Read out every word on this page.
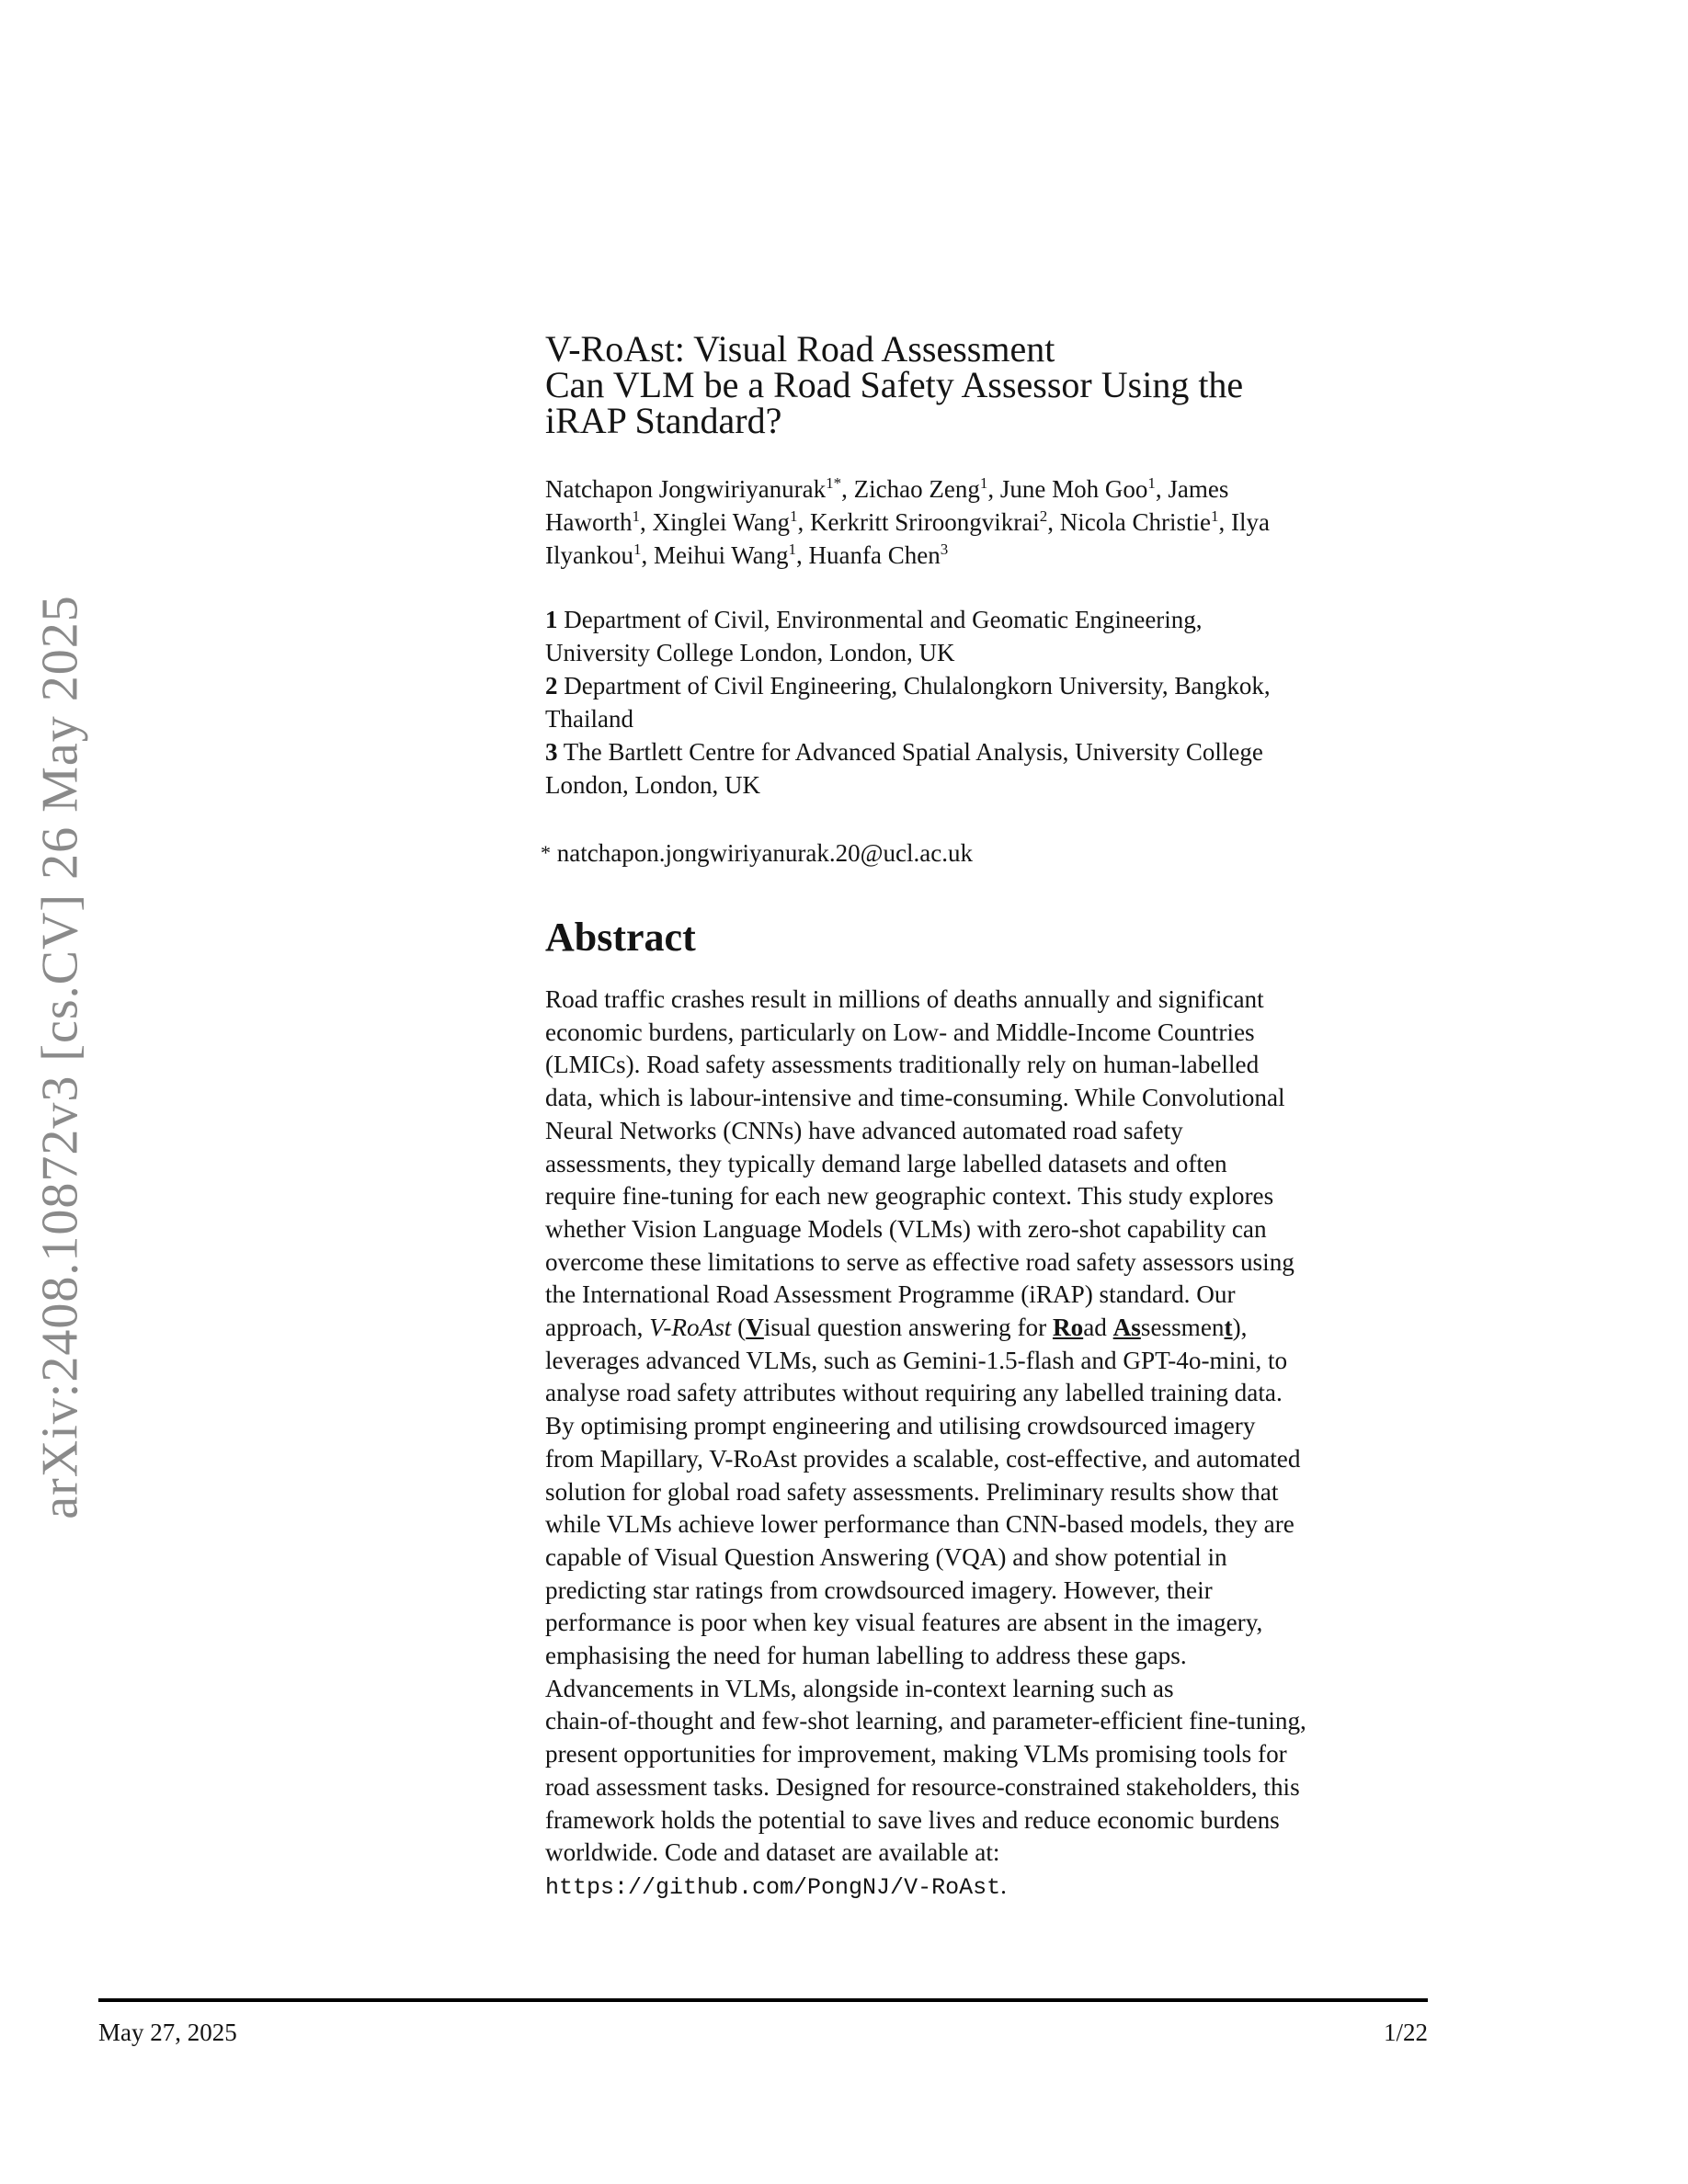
arXiv:2408.10872v3 [cs.CV] 26 May 2025
V-RoAst: Visual Road Assessment
Can VLM be a Road Safety Assessor Using the
iRAP Standard?
Natchapon Jongwiriyanurak$^{1*}$, Zichao Zeng$^1$, June Moh Goo$^1$, James
Haworth$^1$, Xinglei Wang$^1$, Kerkritt Sriroongvikrai$^2$, Nicola Christie$^1$, Ilya
Ilyankou$^1$, Meihui Wang$^1$, Huanfa Chen$^3$
1 Department of Civil, Environmental and Geomatic Engineering,
University College London, London, UK
2 Department of Civil Engineering, Chulalongkorn University, Bangkok,
Thailand
3 The Bartlett Centre for Advanced Spatial Analysis, University College
London, London, UK
* natchapon.jongwiriyanurak.20@ucl.ac.uk
Abstract
Road traffic crashes result in millions of deaths annually and significant
economic burdens, particularly on Low- and Middle-Income Countries
(LMICs). Road safety assessments traditionally rely on human-labelled
data, which is labour-intensive and time-consuming. While Convolutional
Neural Networks (CNNs) have advanced automated road safety
assessments, they typically demand large labelled datasets and often
require fine-tuning for each new geographic context. This study explores
whether Vision Language Models (VLMs) with zero-shot capability can
overcome these limitations to serve as effective road safety assessors using
the International Road Assessment Programme (iRAP) standard. Our
approach, V-RoAst (Visual question answering for Road Assessment),
leverages advanced VLMs, such as Gemini-1.5-flash and GPT-4o-mini, to
analyse road safety attributes without requiring any labelled training data.
By optimising prompt engineering and utilising crowdsourced imagery
from Mapillary, V-RoAst provides a scalable, cost-effective, and automated
solution for global road safety assessments. Preliminary results show that
while VLMs achieve lower performance than CNN-based models, they are
capable of Visual Question Answering (VQA) and show potential in
predicting star ratings from crowdsourced imagery. However, their
performance is poor when key visual features are absent in the imagery,
emphasising the need for human labelling to address these gaps.
Advancements in VLMs, alongside in-context learning such as
chain-of-thought and few-shot learning, and parameter-efficient fine-tuning,
present opportunities for improvement, making VLMs promising tools for
road assessment tasks. Designed for resource-constrained stakeholders, this
framework holds the potential to save lives and reduce economic burdens
worldwide. Code and dataset are available at:
https://github.com/PongNJ/V-RoAst.
May 27, 2025	1/22
